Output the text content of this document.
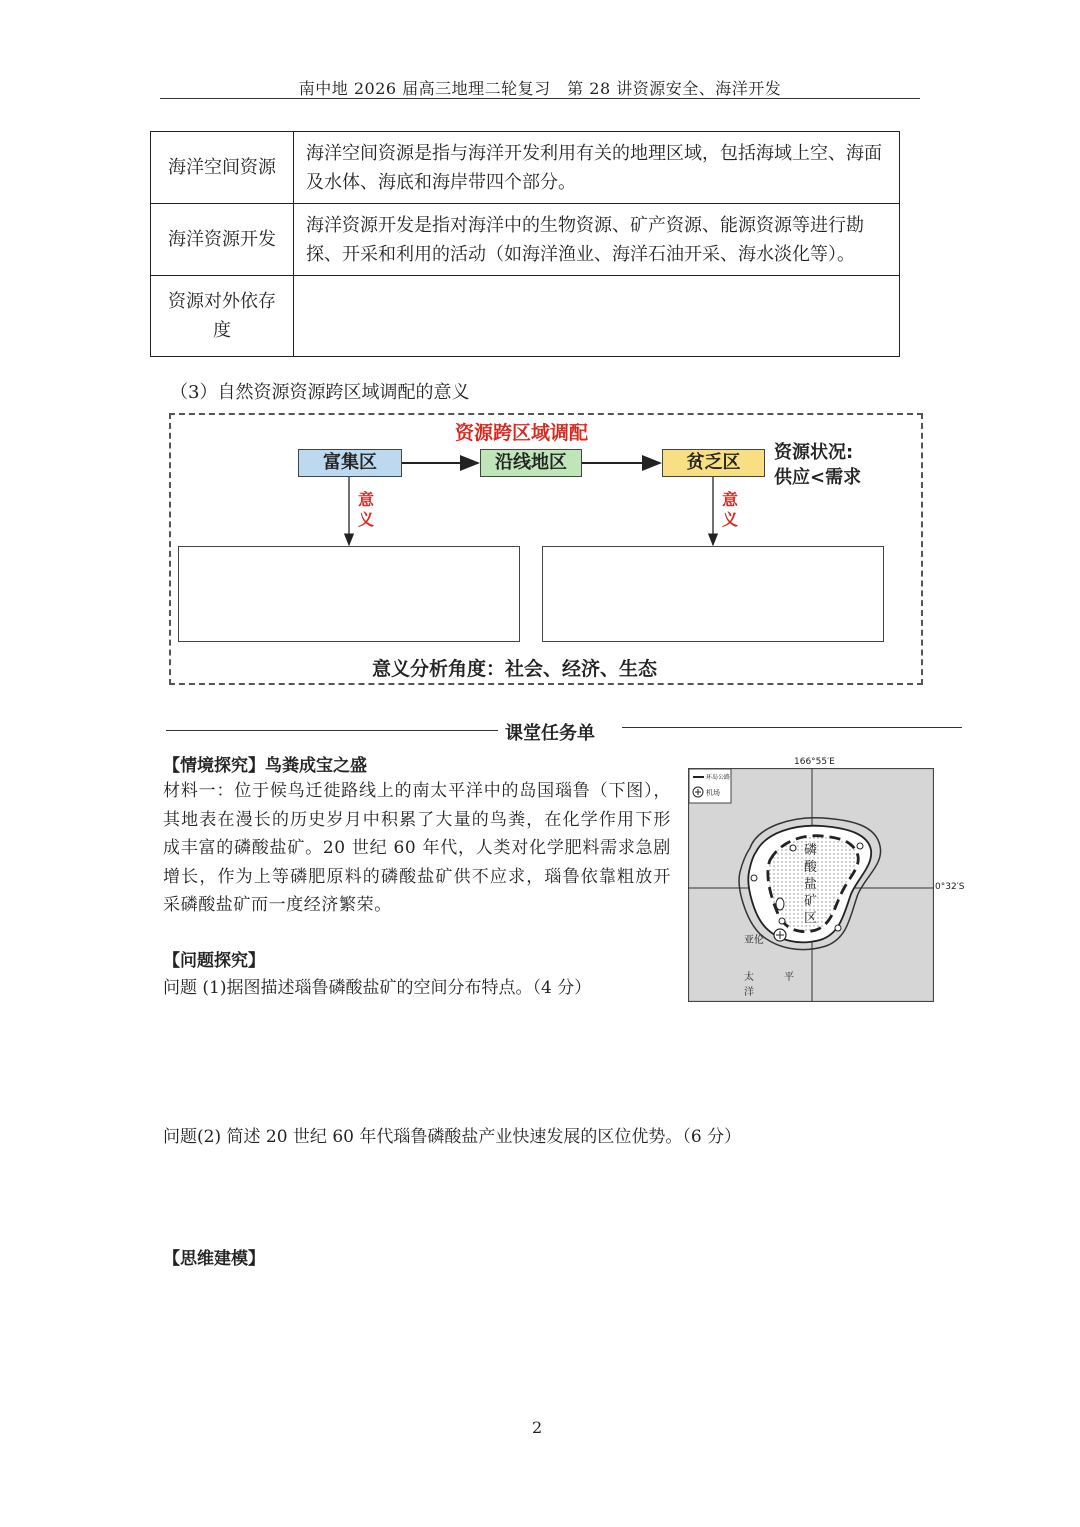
南中地 2026 届高三地理二轮复习　第 28 讲资源安全、海洋开发
海洋空间资源	海洋空间资源是指与海洋开发利用有关的地理区域，包括海域上空、海面及水体、海底和海岸带四个部分。
海洋资源开发	海洋资源开发是指对海洋中的生物资源、矿产资源、能源资源等进行勘探、开采和利用的活动（如海洋渔业、海洋石油开采、海水淡化等）。
资源对外依存度	
（3）自然资源资源跨区域调配的意义
资源跨区域调配
富集区	沿线地区	贫乏区	资源状况:
供应<需求
意
义
意
义
意义分析角度：社会、经济、生态
课堂任务单
【情境探究】鸟粪成宝之盛
材料一：位于候鸟迁徙路线上的南太平洋中的岛国瑙鲁（下图），其地表在漫长的历史岁月中积累了大量的鸟粪，在化学作用下形成丰富的磷酸盐矿。20 世纪 60 年代，人类对化学肥料需求急剧增长，作为上等磷肥原料的磷酸盐矿供不应求，瑙鲁依靠粗放开采磷酸盐矿而一度经济繁荣。
【问题探究】
问题 (1)据图描述瑙鲁磷酸盐矿的空间分布特点。（4 分）
问题(2) 简述 20 世纪 60 年代瑙鲁磷酸盐产业快速发展的区位优势。（6 分）
【思维建模】
166°55′E
0°32′S
环岛公路
机场
磷酸盐矿区
亚伦
太平洋
2
